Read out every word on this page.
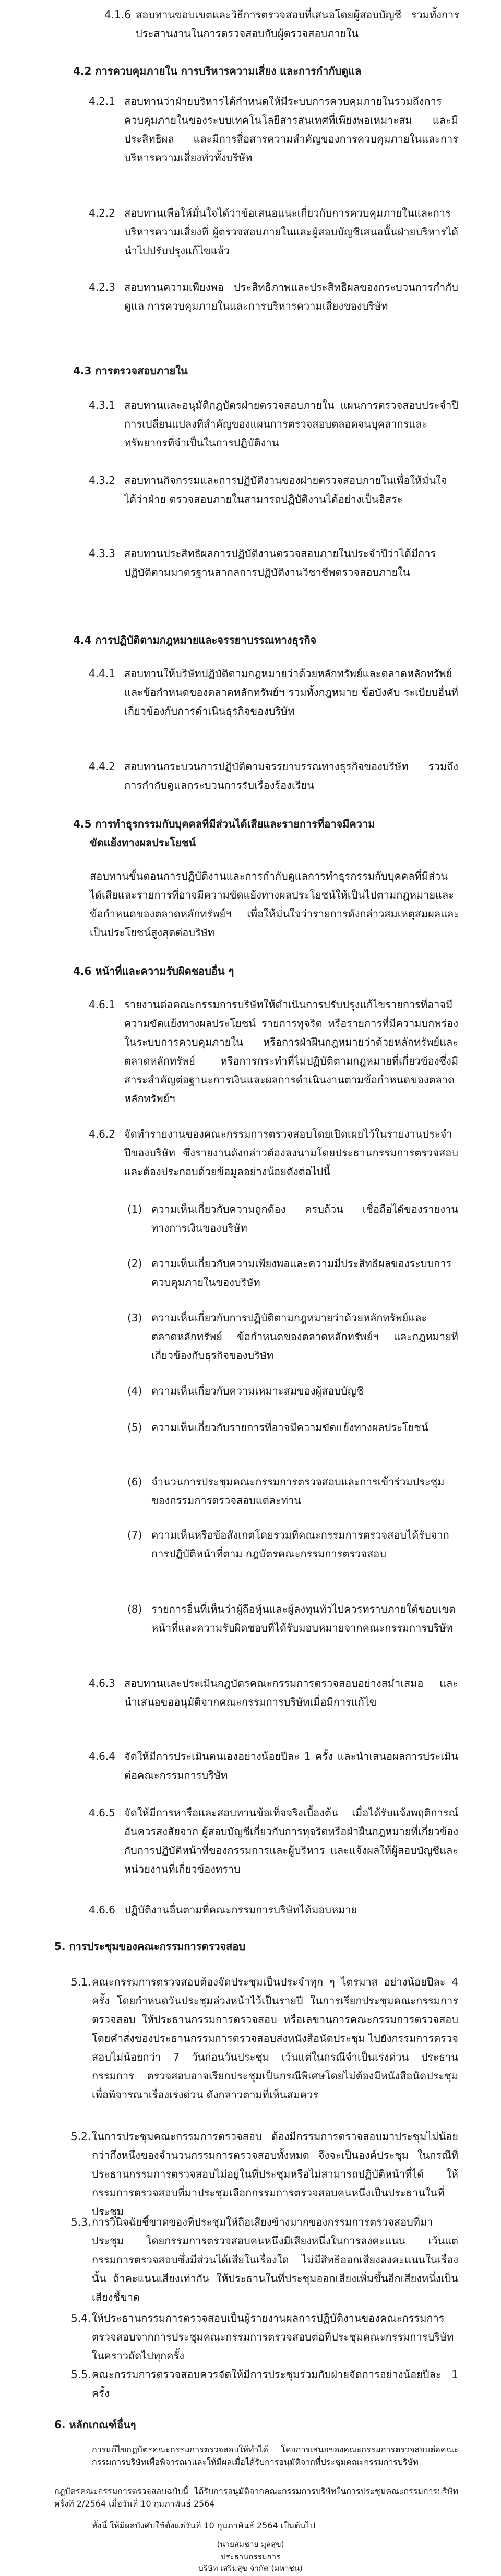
4.1.6 สอบทานขอบเขตและวิธีการตรวจสอบที่เสนอโดยผู้สอบบัญชี รวมทั้งการประสานงานในการตรวจสอบกับผู้ตรวจสอบภายใน

4.2 การควบคุมภายใน การบริหารความเสี่ยง และการกำกับดูแล

4.2.1 สอบทานว่าฝ่ายบริหารได้กำหนดให้มีระบบการควบคุมภายในรวมถึงการควบคุมภายในของระบบเทคโนโลยีสารสนเทศที่เพียงพอเหมาะสม และมีประสิทธิผล และมีการสื่อสารความสำคัญของการควบคุมภายในและการบริหารความเสี่ยงทั่วทั้งบริษัท

4.2.2 สอบทานเพื่อให้มั่นใจได้ว่าข้อเสนอแนะเกี่ยวกับการควบคุมภายในและการบริหารความเสี่ยงที่ ผู้ตรวจสอบภายในและผู้สอบบัญชีเสนอนั้นฝ่ายบริหารได้นำไปปรับปรุงแก้ไขแล้ว

4.2.3 สอบทานความเพียงพอ ประสิทธิภาพและประสิทธิผลของกระบวนการกำกับดูแล การควบคุมภายในและการบริหารความเสี่ยงของบริษัท

4.3 การตรวจสอบภายใน

4.3.1 สอบทานและอนุมัติกฎบัตรฝ่ายตรวจสอบภายใน แผนการตรวจสอบประจำปี การเปลี่ยนแปลงที่สำคัญของแผนการตรวจสอบตลอดจนบุคลากรและทรัพยากรที่จำเป็นในการปฏิบัติงาน

4.3.2 สอบทานกิจกรรมและการปฏิบัติงานของฝ่ายตรวจสอบภายในเพื่อให้มั่นใจได้ว่าฝ่าย ตรวจสอบภายในสามารถปฏิบัติงานได้อย่างเป็นอิสระ

4.3.3 สอบทานประสิทธิผลการปฏิบัติงานตรวจสอบภายในประจำปีว่าได้มีการปฏิบัติตามมาตรฐานสากลการปฏิบัติงานวิชาชีพตรวจสอบภายใน

4.4 การปฏิบัติตามกฎหมายและจรรยาบรรณทางธุรกิจ

4.4.1 สอบทานให้บริษัทปฏิบัติตามกฎหมายว่าด้วยหลักทรัพย์และตลาดหลักทรัพย์ และข้อกำหนดของตลาดหลักทรัพย์ฯ รวมทั้งกฎหมาย ข้อบังคับ ระเบียบอื่นที่เกี่ยวข้องกับการดำเนินธุรกิจของบริษัท

4.4.2 สอบทานกระบวนการปฏิบัติตามจรรยาบรรณทางธุรกิจของบริษัท รวมถึงการกำกับดูแลกระบวนการรับเรื่องร้องเรียน

4.5 การทำธุรกรรมกับบุคคลที่มีส่วนได้เสียและรายการที่อาจมีความ

ขัดแย้งทางผลประโยชน์

สอบทานขั้นตอนการปฏิบัติงานและการกำกับดูแลการทำธุรกรรมกับบุคคลที่มีส่วนได้เสียและรายการที่อาจมีความขัดแย้งทางผลประโยชน์ให้เป็นไปตามกฎหมายและข้อกำหนดของตลาดหลักทรัพย์ฯ เพื่อให้มั่นใจว่ารายการดังกล่าวสมเหตุสมผลและเป็นประโยชน์สูงสุดต่อบริษัท

4.6 หน้าที่และความรับผิดชอบอื่น ๆ

4.6.1 รายงานต่อคณะกรรมการบริษัทให้ดำเนินการปรับปรุงแก้ไขรายการที่อาจมีความขัดแย้งทางผลประโยชน์ รายการทุจริต หรือรายการที่มีความบกพร่องในระบบการควบคุมภายใน หรือการฝ่าฝืนกฎหมายว่าด้วยหลักทรัพย์และตลาดหลักทรัพย์ หรือการกระทำที่ไม่ปฏิบัติตามกฎหมายที่เกี่ยวข้องซึ่งมีสาระสำคัญต่อฐานะการเงินและผลการดำเนินงานตามข้อกำหนดของตลาดหลักทรัพย์ฯ

4.6.2 จัดทำรายงานของคณะกรรมการตรวจสอบโดยเปิดเผยไว้ในรายงานประจำปีของบริษัท ซึ่งรายงานดังกล่าวต้องลงนามโดยประธานกรรมการตรวจสอบ และต้องประกอบด้วยข้อมูลอย่างน้อยดังต่อไปนี้

(1) ความเห็นเกี่ยวกับความถูกต้อง ครบถ้วน เชื่อถือได้ของรายงานทางการเงินของบริษัท

(2) ความเห็นเกี่ยวกับความเพียงพอและความมีประสิทธิผลของระบบการควบคุมภายในของบริษัท

(3) ความเห็นเกี่ยวกับการปฏิบัติตามกฎหมายว่าด้วยหลักทรัพย์และตลาดหลักทรัพย์ ข้อกำหนดของตลาดหลักทรัพย์ฯ และกฎหมายที่เกี่ยวข้องกับธุรกิจของบริษัท

(4) ความเห็นเกี่ยวกับความเหมาะสมของผู้สอบบัญชี

(5) ความเห็นเกี่ยวกับรายการที่อาจมีความขัดแย้งทางผลประโยชน์

(6) จำนวนการประชุมคณะกรรมการตรวจสอบและการเข้าร่วมประชุมของกรรมการตรวจสอบแต่ละท่าน

(7) ความเห็นหรือข้อสังเกตโดยรวมที่คณะกรรมการตรวจสอบได้รับจากการปฏิบัติหน้าที่ตาม กฎบัตรคณะกรรมการตรวจสอบ

(8) รายการอื่นที่เห็นว่าผู้ถือหุ้นและผู้ลงทุนทั่วไปควรทราบภายใต้ขอบเขตหน้าที่และความรับผิดชอบที่ได้รับมอบหมายจากคณะกรรมการบริษัท

4.6.3 สอบทานและประเมินกฎบัตรคณะกรรมการตรวจสอบอย่างสม่ำเสมอ และนำเสนอขออนุมัติจากคณะกรรมการบริษัทเมื่อมีการแก้ไข

4.6.4 จัดให้มีการประเมินตนเองอย่างน้อยปีละ 1 ครั้ง และนำเสนอผลการประเมินต่อคณะกรรมการบริษัท

4.6.5 จัดให้มีการหารือและสอบทานข้อเท็จจริงเบื้องต้น เมื่อได้รับแจ้งพฤติการณ์อันควรสงสัยจาก ผู้สอบบัญชีเกี่ยวกับการทุจริตหรือฝ่าฝืนกฎหมายที่เกี่ยวข้องกับการปฏิบัติหน้าที่ของกรรมการและผู้บริหาร และแจ้งผลให้ผู้สอบบัญชีและหน่วยงานที่เกี่ยวข้องทราบ

4.6.6 ปฏิบัติงานอื่นตามที่คณะกรรมการบริษัทได้มอบหมาย

5. การประชุมของคณะกรรมการตรวจสอบ

5.1. คณะกรรมการตรวจสอบต้องจัดประชุมเป็นประจำทุก ๆ ไตรมาส อย่างน้อยปีละ 4 ครั้ง โดยกำหนดวันประชุมล่วงหน้าไว้เป็นรายปี ในการเรียกประชุมคณะกรรมการตรวจสอบ ให้ประธานกรรมการตรวจสอบ หรือเลขานุการคณะกรรมการตรวจสอบโดยคำสั่งของประธานกรรมการตรวจสอบส่งหนังสือนัดประชุม ไปยังกรรมการตรวจสอบไม่น้อยกว่า 7 วันก่อนวันประชุม เว้นแต่ในกรณีจำเป็นเร่งด่วน ประธานกรรมการ ตรวจสอบอาจเรียกประชุมเป็นกรณีพิเศษโดยไม่ต้องมีหนังสือนัดประชุมเพื่อพิจารณาเรื่องเร่งด่วน ดังกล่าวตามที่เห็นสมควร

5.2. ในการประชุมคณะกรรมการตรวจสอบ ต้องมีกรรมการตรวจสอบมาประชุมไม่น้อยกว่ากึ่งหนึ่งของจำนวนกรรมการตรวจสอบทั้งหมด จึงจะเป็นองค์ประชุม ในกรณีที่ประธานกรรมการตรวจสอบไม่อยู่ในที่ประชุมหรือไม่สามารถปฏิบัติหน้าที่ได้ ให้กรรมการตรวจสอบที่มาประชุมเลือกกรรมการตรวจสอบคนหนึ่งเป็นประธานในที่ประชุม

5.3. การวินิจฉัยชี้ขาดของที่ประชุมให้ถือเสียงข้างมากของกรรมการตรวจสอบที่มาประชุม โดยกรรมการตรวจสอบคนหนึ่งมีเสียงหนึ่งในการลงคะแนน เว้นแต่กรรมการตรวจสอบซึ่งมีส่วนได้เสียในเรื่องใด ไม่มีสิทธิออกเสียงลงคะแนนในเรื่องนั้น ถ้าคะแนนเสียงเท่ากัน ให้ประธานในที่ประชุมออกเสียงเพิ่มขึ้นอีกเสียงหนึ่งเป็นเสียงชี้ขาด

5.4. ให้ประธานกรรมการตรวจสอบเป็นผู้รายงานผลการปฏิบัติงานของคณะกรรมการตรวจสอบจากการประชุมคณะกรรมการตรวจสอบต่อที่ประชุมคณะกรรมการบริษัทในคราวถัดไปทุกครั้ง

5.5. คณะกรรมการตรวจสอบควรจัดให้มีการประชุมร่วมกับฝ่ายจัดการอย่างน้อยปีละ 1 ครั้ง

6. หลักเกณฑ์อื่นๆ

การแก้ไขกฎบัตรคณะกรรมการตรวจสอบให้ทำได้ โดยการเสนอของคณะกรรมการตรวจสอบต่อคณะกรรมการบริษัทเพื่อพิจารณาและให้มีผลเมื่อได้รับการอนุมัติจากที่ประชุมคณะกรรมการบริษัท

กฎบัตรคณะกรรมการตรวจสอบฉบับนี้ ได้รับการอนุมัติจากคณะกรรมการบริษัทในการประชุมคณะกรรมการบริษัท ครั้งที่ 2/2564 เมื่อวันที่ 10 กุมภาพันธ์ 2564

ทั้งนี้ ให้มีผลบังคับใช้ตั้งแต่วันที่ 10 กุมภาพันธ์ 2564 เป็นต้นไป

(นายสมชาย มุลสุข)

ประธานกรรมการ

บริษัท เสริมสุข จำกัด (มหาชน)
